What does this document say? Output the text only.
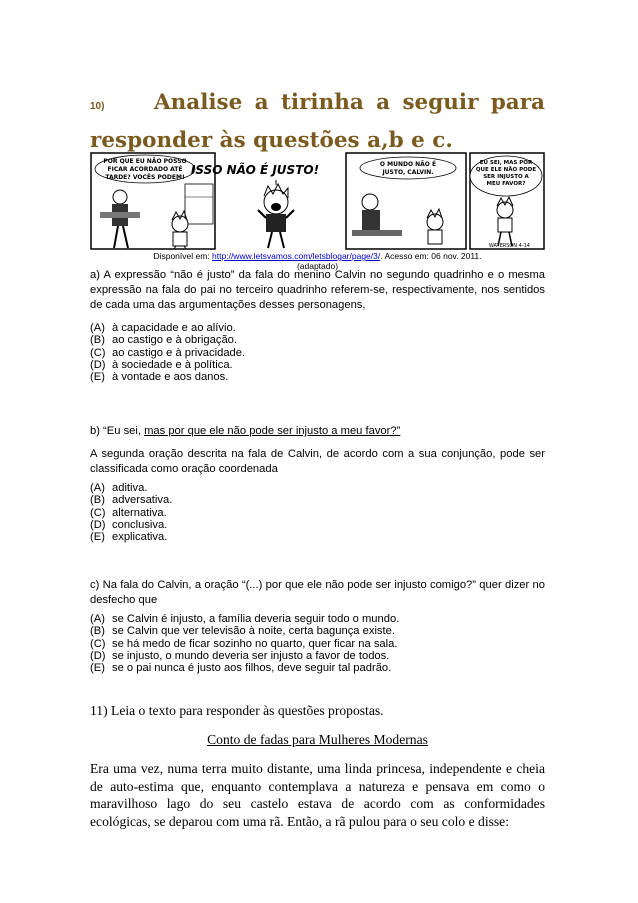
10) Analise a tirinha a seguir para responder às questões a,b e c.
POR QUE EU NÃO POSSO
FICAR ACORDADO ATÉ
TARDE? VOCÊS PODEM!
ISSO NÃO É JUSTO!	O MUNDO NÃO É
JUSTO, CALVIN.
EU SEI, MAS POR
QUE ELE NÃO PODE
SER INJUSTO A
MEU FAVOR?
WATERSON 4-14
Disponível em: http://www.letsvamos.com/letsblogar/page/3/. Acesso em: 06 nov. 2011.
(adaptado)
a) A expressão “não é justo” da fala do menino Calvin no segundo quadrinho e o mesma expressão na fala do pai no terceiro quadrinho referem-se, respectivamente, nos sentidos de cada uma das argumentações desses personagens,
(A) à capacidade e ao alívio.
(B) ao castigo e à obrigação.
(C) ao castigo e à privacidade.
(D) à sociedade e à política.
(E) à vontade e aos danos.
b) “Eu sei, mas por que ele não pode ser injusto a meu favor?”
A segunda oração descrita na fala de Calvin, de acordo com a sua conjunção, pode ser classificada como oração coordenada
(A) aditiva.
(B) adversativa.
(C) alternativa.
(D) conclusiva.
(E) explicativa.
c) Na fala do Calvin, a oração “(...) por que ele não pode ser injusto comigo?” quer dizer no desfecho que
(A) se Calvin é injusto, a família deveria seguir todo o mundo.
(B) se Calvin que ver televisão à noite, certa bagunça existe.
(C) se há medo de ficar sozinho no quarto, quer ficar na sala.
(D) se injusto, o mundo deveria ser injusto a favor de todos.
(E) se o pai nunca é justo aos filhos, deve seguir tal padrão.
11) Leia o texto para responder às questões propostas.
Conto de fadas para Mulheres Modernas
Era uma vez, numa terra muito distante, uma linda princesa, independente e cheia de auto-estima que, enquanto contemplava a natureza e pensava em como o maravilhoso lago do seu castelo estava de acordo com as conformidades ecológicas, se deparou com uma rã. Então, a rã pulou para o seu colo e disse:
